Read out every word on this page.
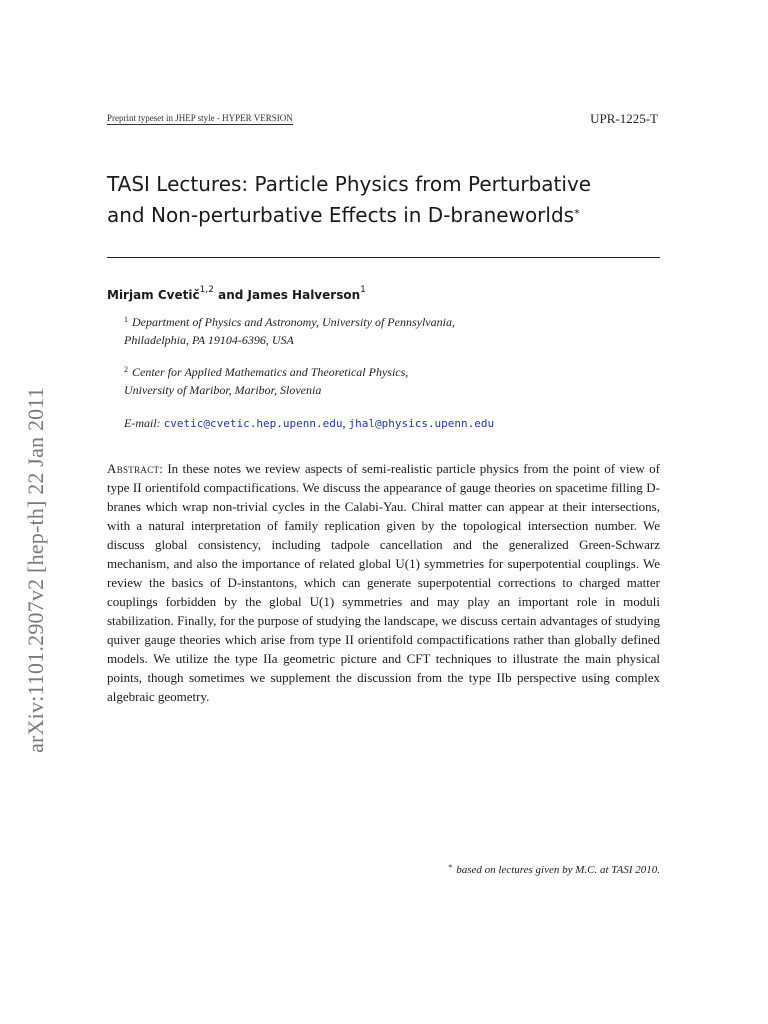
arXiv:1101.2907v2 [hep-th] 22 Jan 2011
Preprint typeset in JHEP style - HYPER VERSION	UPR-1225-T
TASI Lectures: Particle Physics from Perturbative
and Non-perturbative Effects in D-braneworlds*
Mirjam Cvetič$^{1,2}$ and James Halverson$^1$
$^1$ Department of Physics and Astronomy, University of Pennsylvania,
Philadelphia, PA 19104-6396, USA
$^2$ Center for Applied Mathematics and Theoretical Physics,
University of Maribor, Maribor, Slovenia
E-mail: cvetic@cvetic.hep.upenn.edu, jhal@physics.upenn.edu
Abstract: In these notes we review aspects of semi-realistic particle physics from the point of view of type II orientifold compactifications. We discuss the appearance of gauge theories on spacetime filling D-branes which wrap non-trivial cycles in the Calabi-Yau. Chiral matter can appear at their intersections, with a natural interpretation of family replication given by the topological intersection number. We discuss global consistency, including tadpole cancellation and the generalized Green-Schwarz mechanism, and also the importance of related global U(1) symmetries for superpotential couplings. We review the basics of D-instantons, which can generate superpotential corrections to charged matter couplings forbidden by the global U(1) symmetries and may play an important role in moduli stabilization. Finally, for the purpose of studying the landscape, we discuss certain advantages of studying quiver gauge theories which arise from type II orientifold compactifications rather than globally defined models. We utilize the type IIa geometric picture and CFT techniques to illustrate the main physical points, though sometimes we supplement the discussion from the type IIb perspective using complex algebraic geometry.
* based on lectures given by M.C. at TASI 2010.
